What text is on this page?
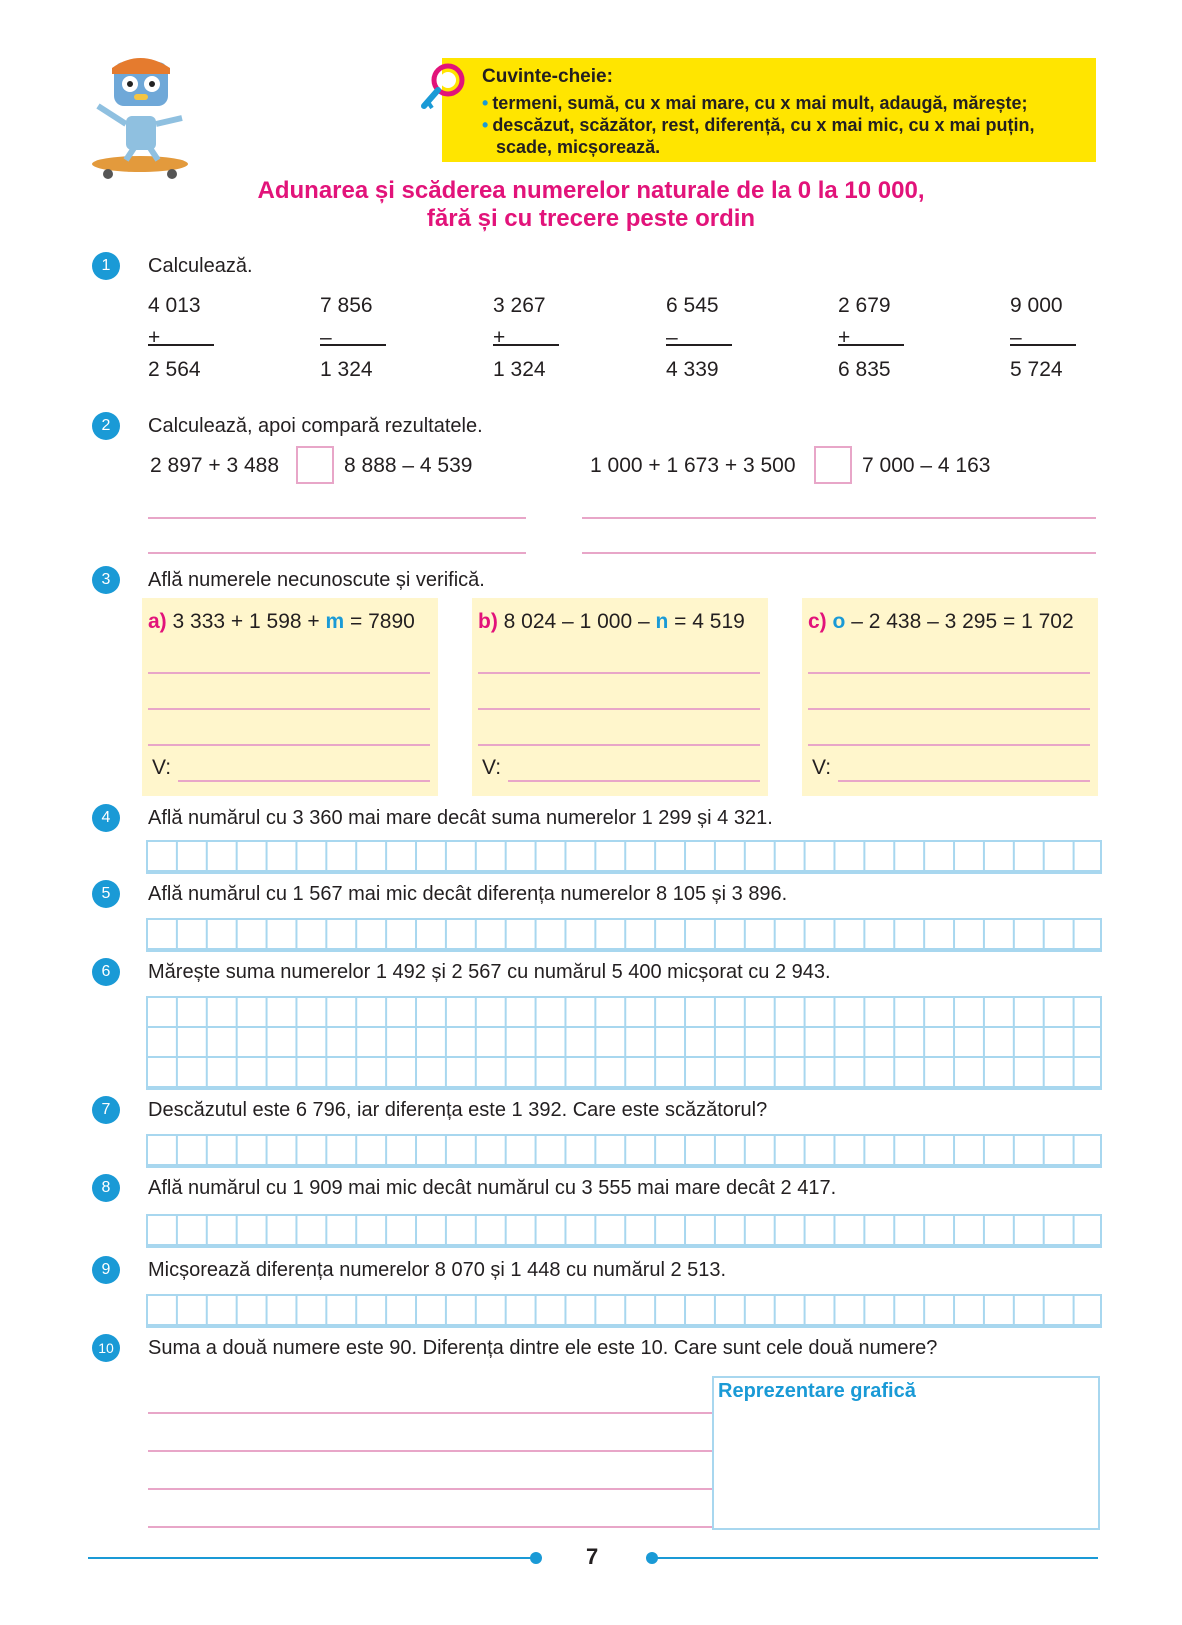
Cuvinte-cheie:
• termeni, sumă, cu x mai mare, cu x mai mult, adaugă, mărește;
• descăzut, scăzător, rest, diferență, cu x mai mic, cu x mai puțin,
scade, micșorează.
Adunarea și scăderea numerelor naturale de la 0 la 10 000,
fără și cu trecere peste ordin
1	Calculează.
4 013 +
2 564
7 856 –
1 324
3 267 +
1 324
6 545 –
4 339
2 679 +
6 835
9 000 –
5 724
2	Calculează, apoi compară rezultatele.
2 897 + 3 488	8 888 – 4 539	1 000 + 1 673 + 3 500	7 000 – 4 163
3	Află numerele necunoscute și verifică.
a) 3 333 + 1 598 + m = 7890
V:
b) 8 024 – 1 000 – n = 4 519
V:
c) o – 2 438 – 3 295 = 1 702
V:
4	Află numărul cu 3 360 mai mare decât suma numerelor 1 299 și 4 321.
5	Află numărul cu 1 567 mai mic decât diferența numerelor 8 105 și 3 896.
6	Mărește suma numerelor 1 492 și 2 567 cu numărul 5 400 micșorat cu 2 943.
7	Descăzutul este 6 796, iar diferența este 1 392. Care este scăzătorul?
8	Află numărul cu 1 909 mai mic decât numărul cu 3 555 mai mare decât 2 417.
9	Micșorează diferența numerelor 8 070 și 1 448 cu numărul 2 513.
10	Suma a două numere este 90. Diferența dintre ele este 10. Care sunt cele două numere?
Reprezentare grafică
7
